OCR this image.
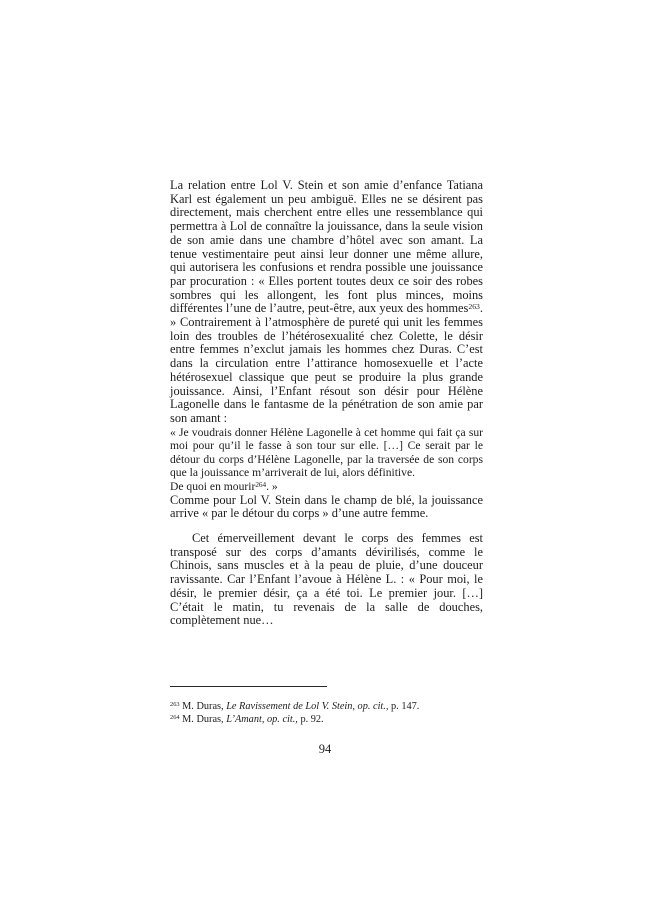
La relation entre Lol V. Stein et son amie d’enfance Tatiana Karl est également un peu ambiguë. Elles ne se désirent pas directement, mais cherchent entre elles une ressemblance qui permettra à Lol de connaître la jouissance, dans la seule vision de son amie dans une chambre d’hôtel avec son amant. La tenue vestimentaire peut ainsi leur donner une même allure, qui autorisera les confusions et rendra possible une jouissance par procuration : « Elles portent toutes deux ce soir des robes sombres qui les allongent, les font plus minces, moins différentes l’une de l’autre, peut-être, aux yeux des hommes$^{263}$. » Contrairement à l’atmosphère de pureté qui unit les femmes loin des troubles de l’hétérosexualité chez Colette, le désir entre femmes n’exclut jamais les hommes chez Duras. C’est dans la circulation entre l’attirance homosexuelle et l’acte hétérosexuel classique que peut se produire la plus grande jouissance. Ainsi, l’Enfant résout son désir pour Hélène Lagonelle dans le fantasme de la pénétration de son amie par son amant :

« Je voudrais donner Hélène Lagonelle à cet homme qui fait ça sur moi pour qu’il le fasse à son tour sur elle. […] Ce serait par le détour du corps d’Hélène Lagonelle, par la traversée de son corps que la jouissance m’arriverait de lui, alors définitive.
De quoi en mourir$^{264}$. »

Comme pour Lol V. Stein dans le champ de blé, la jouissance arrive « par le détour du corps » d’une autre femme.

Cet émerveillement devant le corps des femmes est transposé sur des corps d’amants dévirilisés, comme le Chinois, sans muscles et à la peau de pluie, d’une douceur ravissante. Car l’Enfant l’avoue à Hélène L. : « Pour moi, le désir, le premier désir, ça a été toi. Le premier jour. […] C’était le matin, tu revenais de la salle de douches, complètement nue…

$^{263}$ M. Duras, Le Ravissement de Lol V. Stein, op. cit., p. 147.
$^{264}$ M. Duras, L’Amant, op. cit., p. 92.
94
